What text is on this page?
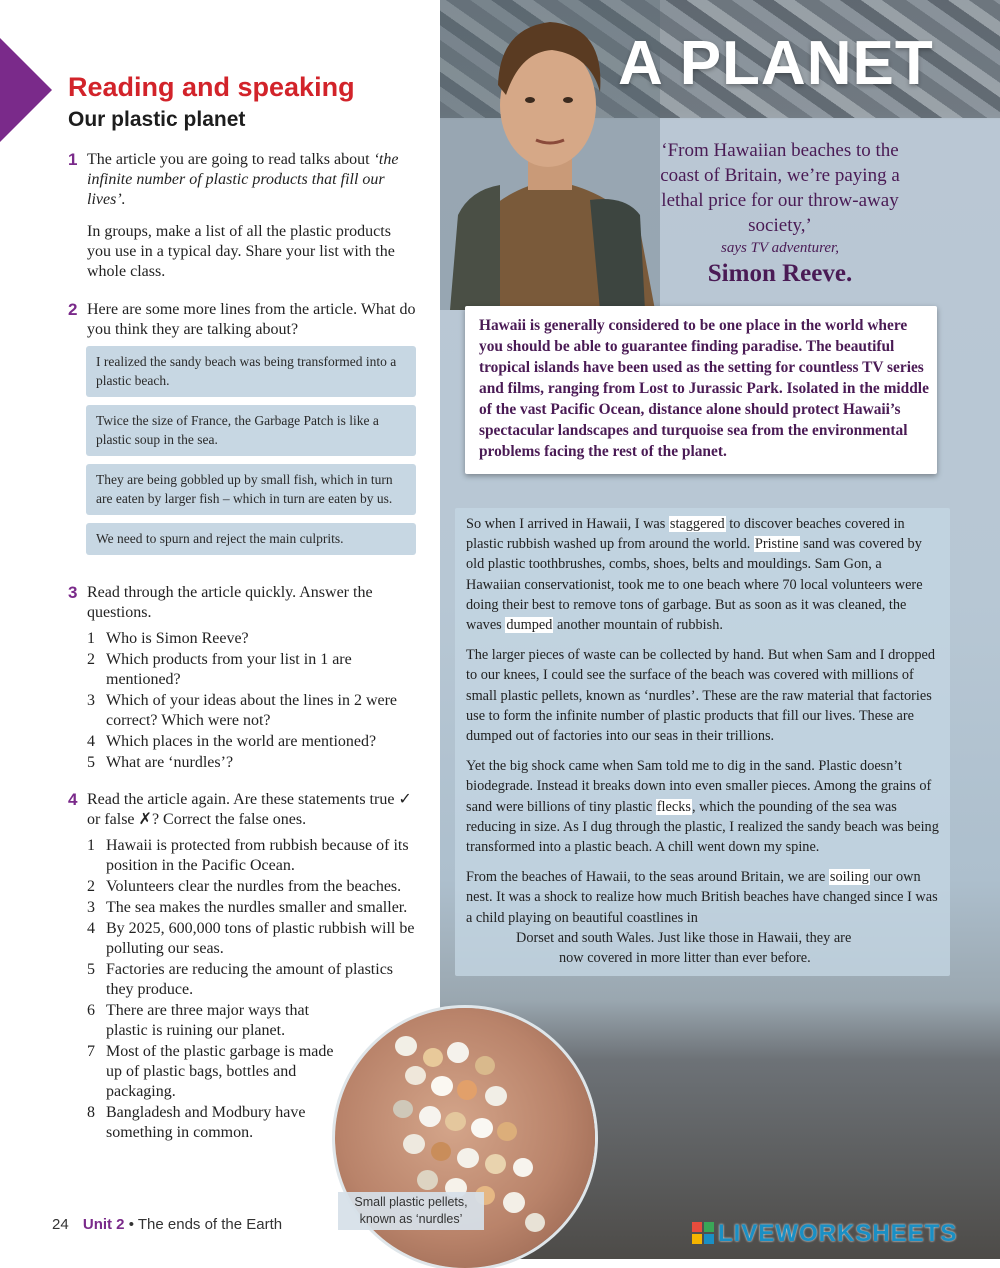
Reading and speaking
Our plastic planet
1 The article you are going to read talks about ‘the infinite number of plastic products that fill our lives’.

In groups, make a list of all the plastic products you use in a typical day. Share your list with the whole class.

2 Here are some more lines from the article. What do you think they are talking about?

I realized the sandy beach was being transformed into a plastic beach.
Twice the size of France, the Garbage Patch is like a plastic soup in the sea.
They are being gobbled up by small fish, which in turn are eaten by larger fish – which in turn are eaten by us.
We need to spurn and reject the main culprits.
3 Read through the article quickly. Answer the questions.

1 Who is Simon Reeve?
2 Which products from your list in 1 are mentioned?
3 Which of your ideas about the lines in 2 were correct? Which were not?
4 Which places in the world are mentioned?
5 What are ‘nurdles’?
4 Read the article again. Are these statements true ✓ or false ✗? Correct the false ones.

1 Hawaii is protected from rubbish because of its position in the Pacific Ocean.
2 Volunteers clear the nurdles from the beaches.
3 The sea makes the nurdles smaller and smaller.
4 By 2025, 600,000 tons of plastic rubbish will be polluting our seas.
5 Factories are reducing the amount of plastics they produce.
6 There are three major ways that plastic is ruining our planet.
7 Most of the plastic garbage is made up of plastic bags, bottles and packaging.
8 Bangladesh and Modbury have something in common.
24 Unit 2 • The ends of the Earth
A PLANET
‘From Hawaiian beaches to the coast of Britain, we’re paying a lethal price for our throw-away society,’
says TV adventurer,
Simon Reeve.
Hawaii is generally considered to be one place in the world where you should be able to guarantee finding paradise. The beautiful tropical islands have been used as the setting for countless TV series and films, ranging from Lost to Jurassic Park. Isolated in the middle of the vast Pacific Ocean, distance alone should protect Hawaii’s spectacular landscapes and turquoise sea from the environmental problems facing the rest of the planet.

So when I arrived in Hawaii, I was staggered to discover beaches covered in plastic rubbish washed up from around the world. Pristine sand was covered by old plastic toothbrushes, combs, shoes, belts and mouldings. Sam Gon, a Hawaiian conservationist, took me to one beach where 70 local volunteers were doing their best to remove tons of garbage. But as soon as it was cleaned, the waves dumped another mountain of rubbish.

The larger pieces of waste can be collected by hand. But when Sam and I dropped to our knees, I could see the surface of the beach was covered with millions of small plastic pellets, known as ‘nurdles’. These are the raw material that factories use to form the infinite number of plastic products that fill our lives. These are dumped out of factories into our seas in their trillions.

Yet the big shock came when Sam told me to dig in the sand. Plastic doesn’t biodegrade. Instead it breaks down into even smaller pieces. Among the grains of sand were billions of tiny plastic flecks, which the pounding of the sea was reducing in size. As I dug through the plastic, I realized the sandy beach was being transformed into a plastic beach. A chill went down my spine.

From the beaches of Hawaii, to the seas around Britain, we are soiling our own nest. It was a shock to realize how much British beaches have changed since I was a child playing on beautiful coastlines in
Dorset and south Wales. Just like those in Hawaii, they are
now covered in more litter than ever before.

Small plastic pellets, known as ‘nurdles’
LIVEWORKSHEETS
